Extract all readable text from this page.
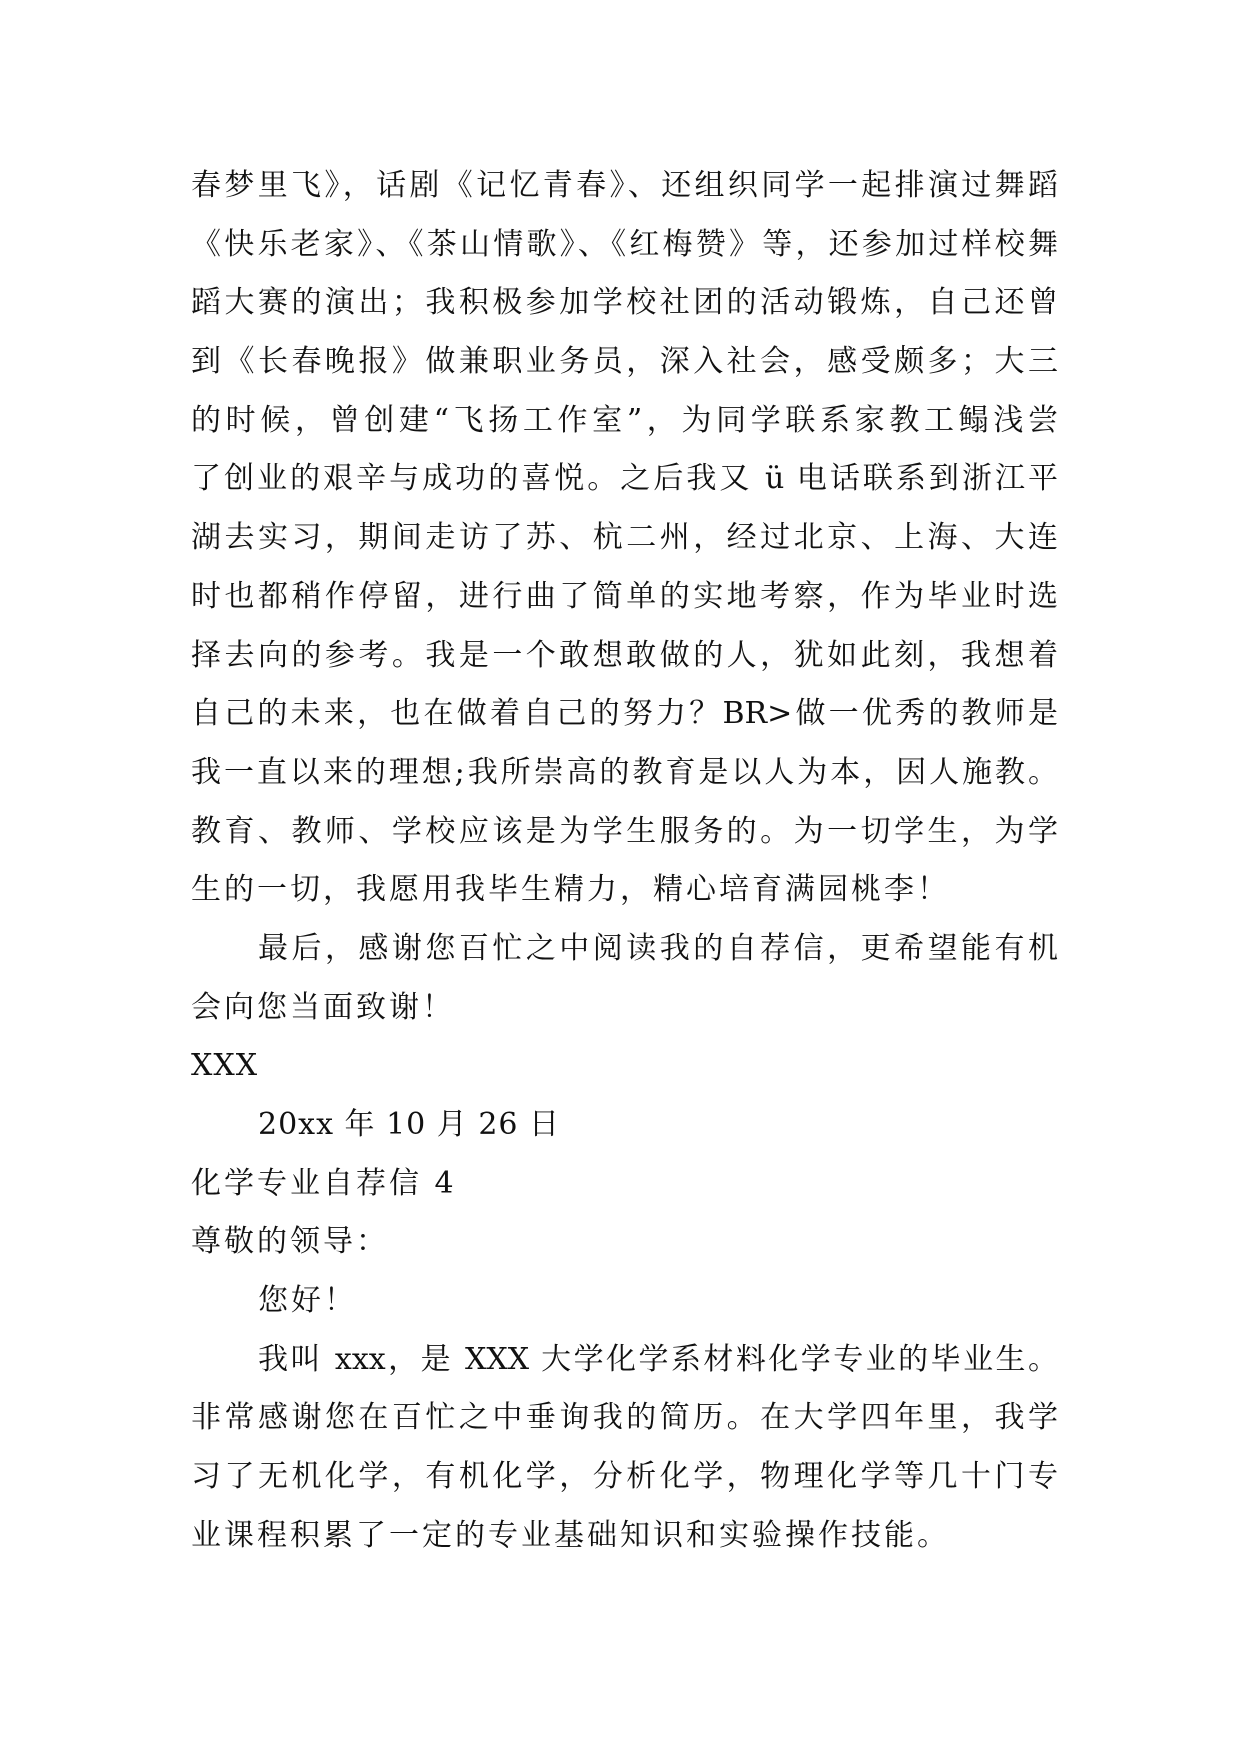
春梦里飞》，话剧《记忆青春》、还组织同学一起排演过舞蹈
《快乐老家》、《茶山情歌》、《红梅赞》等，还参加过样校舞
蹈大赛的演出；我积极参加学校社团的活动锻炼，自己还曾
到《长春晚报》做兼职业务员，深入社会，感受颇多；大三
的时候，曾创建“飞扬工作室”，为同学联系家教工鳎浅尝
了创业的艰辛与成功的喜悦。之后我又 ü 电话联系到浙江平
湖去实习，期间走访了苏、杭二州，经过北京、上海、大连
时也都稍作停留，进行曲了简单的实地考察，作为毕业时选
择去向的参考。我是一个敢想敢做的人，犹如此刻，我想着
自己的未来，也在做着自己的努力？BR>做一优秀的教师是
我一直以来的理想;我所崇高的教育是以人为本，因人施教。
教育、教师、学校应该是为学生服务的。为一切学生，为学
生的一切，我愿用我毕生精力，精心培育满园桃李！
最后，感谢您百忙之中阅读我的自荐信，更希望能有机
会向您当面致谢！
XXX
20xx 年 10 月 26 日
化学专业自荐信 4
尊敬的领导：
您好！
我叫 xxx，是 XXX 大学化学系材料化学专业的毕业生。
非常感谢您在百忙之中垂询我的简历。在大学四年里，我学
习了无机化学，有机化学，分析化学，物理化学等几十门专
业课程积累了一定的专业基础知识和实验操作技能。
